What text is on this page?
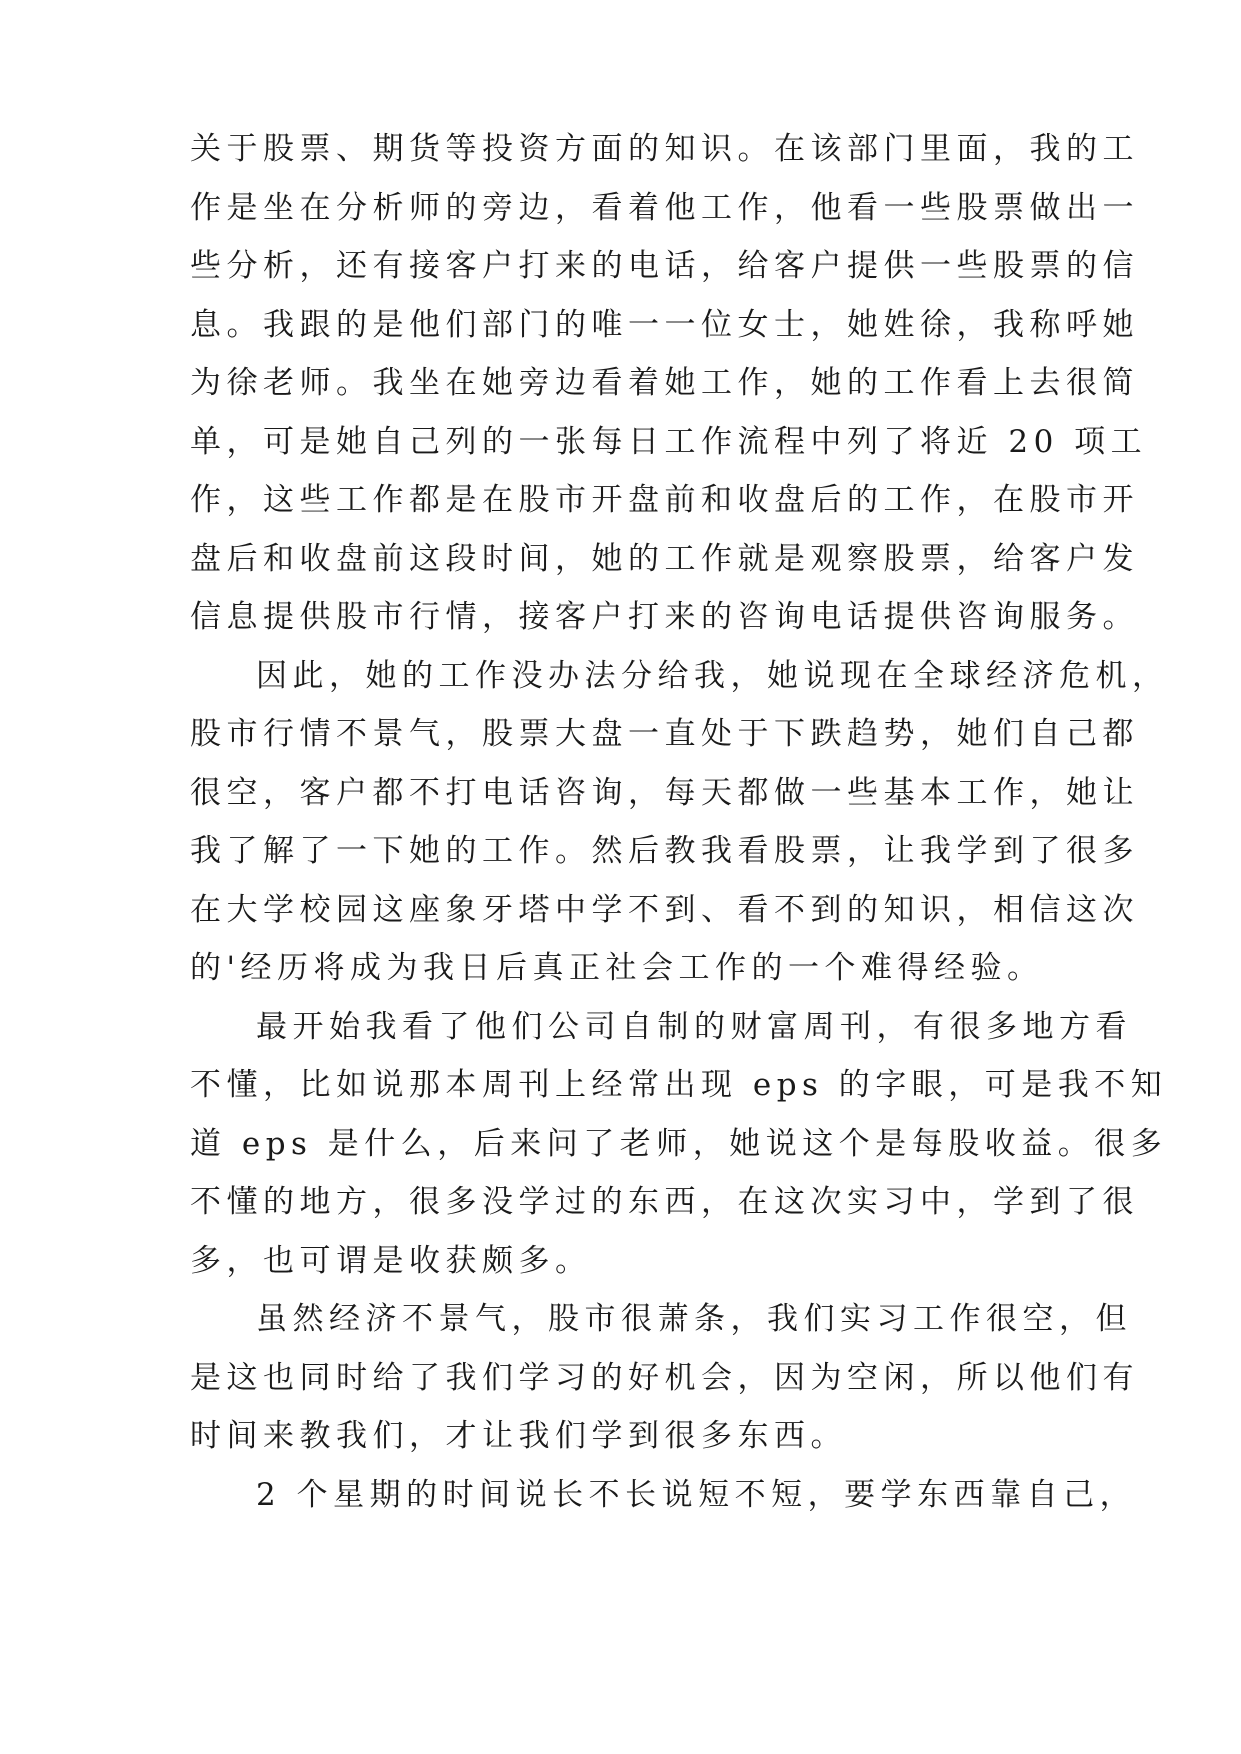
关于股票、期货等投资方面的知识。在该部门里面，我的工
作是坐在分析师的旁边，看着他工作，他看一些股票做出一
些分析，还有接客户打来的电话，给客户提供一些股票的信
息。我跟的是他们部门的唯一一位女士，她姓徐，我称呼她
为徐老师。我坐在她旁边看着她工作，她的工作看上去很简
单，可是她自己列的一张每日工作流程中列了将近 20 项工
作，这些工作都是在股市开盘前和收盘后的工作，在股市开
盘后和收盘前这段时间，她的工作就是观察股票，给客户发
信息提供股市行情，接客户打来的咨询电话提供咨询服务。
因此，她的工作没办法分给我，她说现在全球经济危机，
股市行情不景气，股票大盘一直处于下跌趋势，她们自己都
很空，客户都不打电话咨询，每天都做一些基本工作，她让
我了解了一下她的工作。然后教我看股票，让我学到了很多
在大学校园这座象牙塔中学不到、看不到的知识，相信这次
的'经历将成为我日后真正社会工作的一个难得经验。
最开始我看了他们公司自制的财富周刊，有很多地方看
不懂，比如说那本周刊上经常出现 eps 的字眼，可是我不知
道 eps 是什么，后来问了老师，她说这个是每股收益。很多
不懂的地方，很多没学过的东西，在这次实习中，学到了很
多，也可谓是收获颇多。
虽然经济不景气，股市很萧条，我们实习工作很空，但
是这也同时给了我们学习的好机会，因为空闲，所以他们有
时间来教我们，才让我们学到很多东西。
2 个星期的时间说长不长说短不短，要学东西靠自己，
